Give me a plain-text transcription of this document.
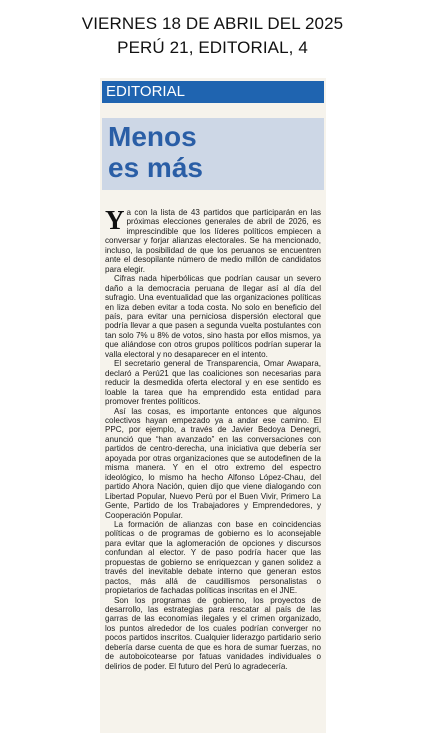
VIERNES 18 DE ABRIL DEL 2025
PERÚ 21, EDITORIAL, 4
EDITORIAL
Menos
es más

Ya con la lista de 43 partidos que participarán en las próximas elecciones generales de abril de 2026, es imprescindible que los líderes políticos empiecen a conversar y forjar alianzas electorales. Se ha mencionado, incluso, la posibilidad de que los peruanos se encuentren ante el desopilante número de medio millón de candidatos para elegir.

Cifras nada hiperbólicas que podrían causar un severo daño a la democracia peruana de llegar así al día del sufragio. Una eventualidad que las organizaciones políticas en liza deben evitar a toda costa. No solo en beneficio del país, para evitar una perniciosa dispersión electoral que podría llevar a que pasen a segunda vuelta postulantes con tan solo 7% u 8% de votos, sino hasta por ellos mismos, ya que aliándose con otros grupos políticos podrían superar la valla electoral y no desaparecer en el intento.

El secretario general de Transparencia, Omar Awapara, declaró a Perú21 que las coaliciones son necesarias para reducir la desmedida oferta electoral y en ese sentido es loable la tarea que ha emprendido esta entidad para promover frentes políticos.

Así las cosas, es importante entonces que algunos colectivos hayan empezado ya a andar ese camino. El PPC, por ejemplo, a través de Javier Bedoya Denegri, anunció que “han avanzado” en las conversaciones con partidos de centro-derecha, una iniciativa que debería ser apoyada por otras organizaciones que se autodefinen de la misma manera. Y en el otro extremo del espectro ideológico, lo mismo ha hecho Alfonso López-Chau, del partido Ahora Nación, quien dijo que viene dialogando con Libertad Popular, Nuevo Perú por el Buen Vivir, Primero La Gente, Partido de los Trabajadores y Emprendedores, y Cooperación Popular.

La formación de alianzas con base en coincidencias políticas o de programas de gobierno es lo aconsejable para evitar que la aglomeración de opciones y discursos confundan al elector. Y de paso podría hacer que las propuestas de gobierno se enriquezcan y ganen solidez a través del inevitable debate interno que generan estos pactos, más allá de caudillismos personalistas o propietarios de fachadas políticas inscritas en el JNE.

Son los programas de gobierno, los proyectos de desarrollo, las estrategias para rescatar al país de las garras de las economías ilegales y el crimen organizado, los puntos alrededor de los cuales podrían converger no pocos partidos inscritos. Cualquier liderazgo partidario serio debería darse cuenta de que es hora de sumar fuerzas, no de autoboicotearse por fatuas vanidades individuales o delirios de poder. El futuro del Perú lo agradecería.
